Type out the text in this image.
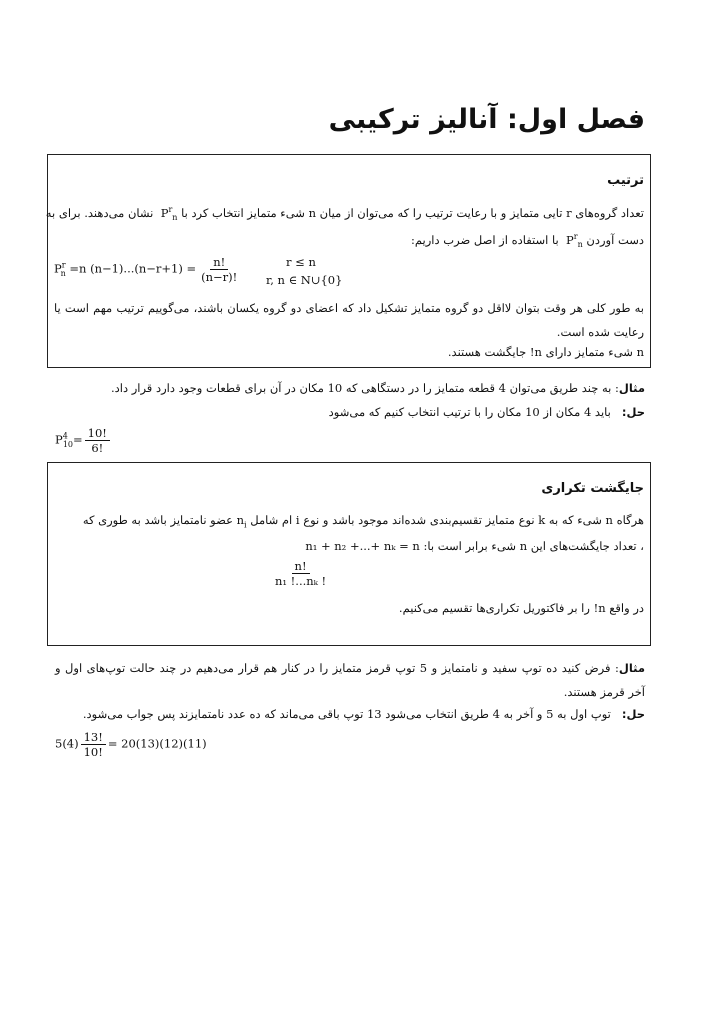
فصل اول: آنالیز ترکیبی
ترتیب
تعداد گروه‌های r تایی متمایز و با رعایت ترتیب را که می‌توان از میان n شیء متمایز انتخاب کرد با $P^r_n$  نشان می‌دهند. برای به
دست آوردن $P^r_n$  با استفاده از اصل ضرب داریم:
$P^r_n =n$ $(n-1)...(n-r+1) = \frac{n!}{(n-r)!}$	r ≤ n
r, n ∈ N∪{0}
به طور کلی هر وقت بتوان لااقل دو گروه متمایز تشکیل داد که اعضای دو گروه یکسان باشند، می‌گوییم ترتیب مهم است یا رعایت شده است.
n شیء متمایز دارای n! جایگشت هستند.
مثال: به چند طریق می‌توان 4 قطعه متمایز را در دستگاهی که 10 مکان در آن برای قطعات وجود دارد قرار داد.
حل:   باید 4 مکان از 10 مکان را با ترتیب انتخاب کنیم که می‌شود
$P^4_{10}= \frac{10!}{6!}$
جایگشت تکراری
هرگاه n شیء که به k نوع متمایز تقسیم‌بندی شده‌اند موجود باشد و نوع i ام شامل $n_i$ عضو نامتمایز باشد به طوری که
، تعداد جایگشت‌های این n شیء برابر است با: n₁ + n₂ +...+ nₖ = n
$\frac{n!}{\text{n₁ !...nₖ !}}$
در واقع n! را بر فاکتوریل تکراری‌ها تقسیم می‌کنیم.
مثال: فرض کنید ده توپ سفید و نامتمایز و 5 توپ قرمز متمایز را در کنار هم قرار می‌دهیم در چند حالت توپ‌های اول و آخر قرمز هستند.
حل:   توپ اول به 5 و آخر به 4 طریق انتخاب می‌شود 13 توپ باقی می‌ماند که ده عدد نامتمایزند پس جواب می‌شود.
$5(4) \frac{13!}{10!} = 20(13)(12)(11)$
